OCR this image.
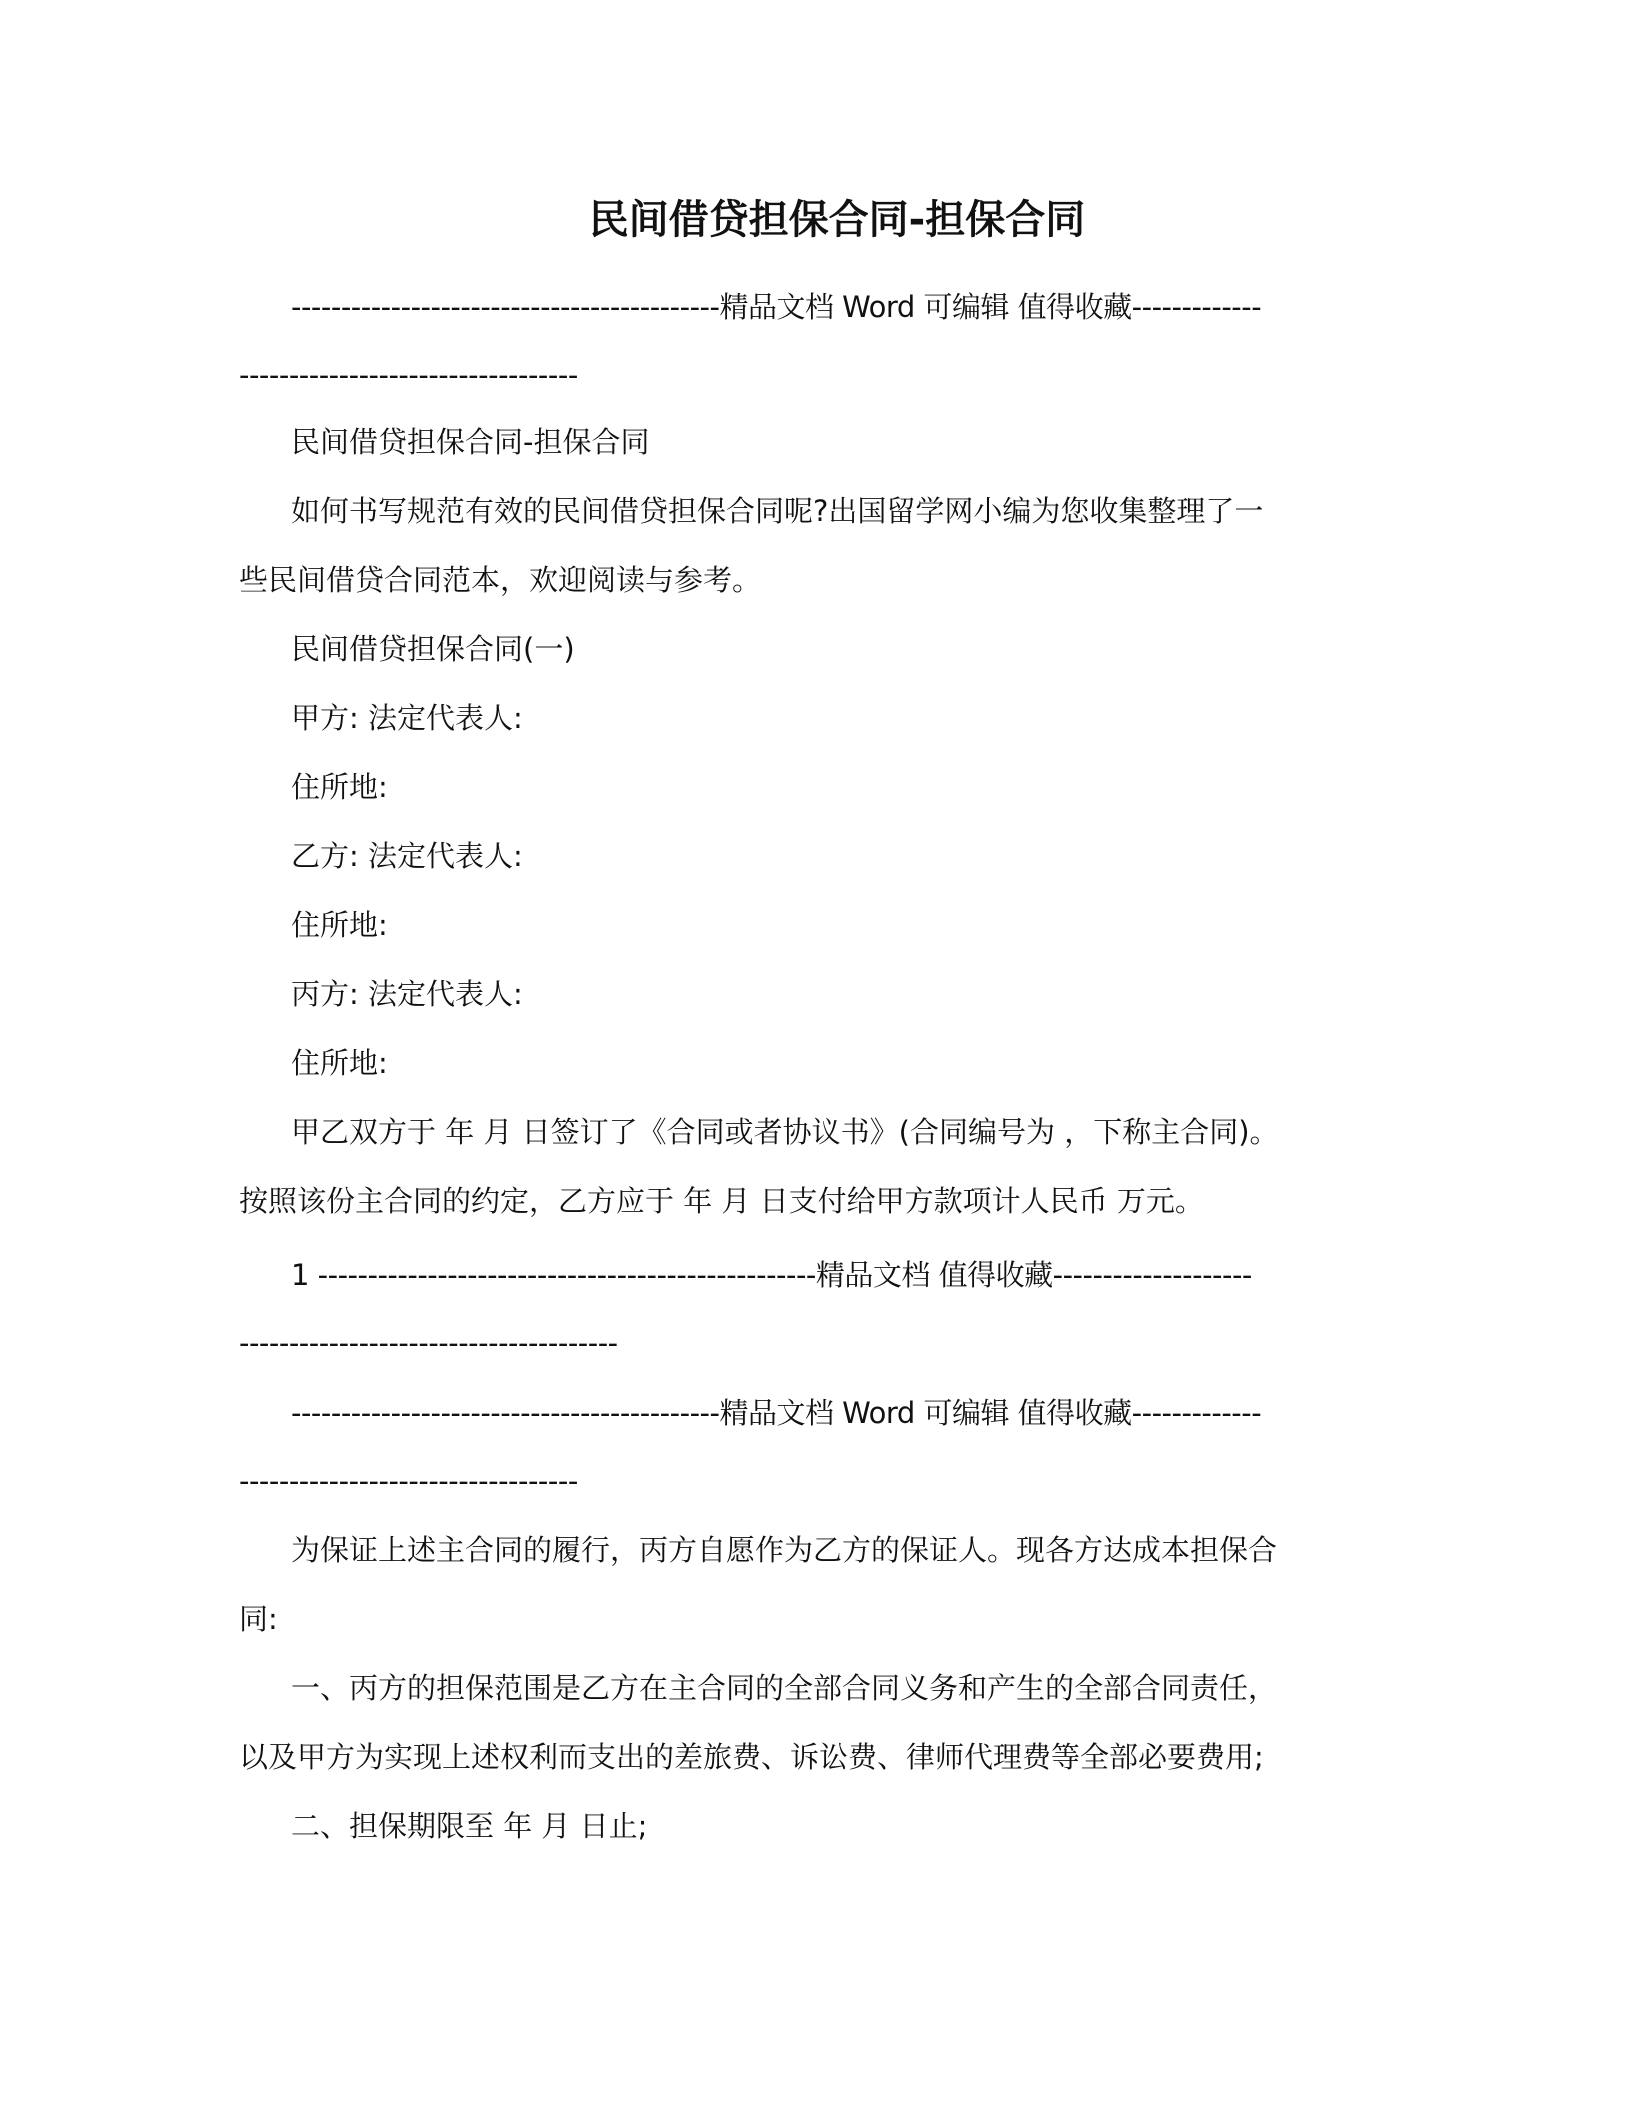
民间借贷担保合同-担保合同
-------------------------------------------精品文档 Word 可编辑 值得收藏-------------
----------------------------------
民间借贷担保合同-担保合同
如何书写规范有效的民间借贷担保合同呢?出国留学网小编为您收集整理了一
些民间借贷合同范本，欢迎阅读与参考。
民间借贷担保合同(一)
甲方: 法定代表人:
住所地:
乙方: 法定代表人:
住所地:
丙方: 法定代表人:
住所地:
甲乙双方于 年 月 日签订了《合同或者协议书》(合同编号为 ，下称主合同)。
按照该份主合同的约定，乙方应于 年 月 日支付给甲方款项计人民币 万元。
1 --------------------------------------------------精品文档 值得收藏--------------------
--------------------------------------
-------------------------------------------精品文档 Word 可编辑 值得收藏-------------
----------------------------------
为保证上述主合同的履行，丙方自愿作为乙方的保证人。现各方达成本担保合
同:
一、丙方的担保范围是乙方在主合同的全部合同义务和产生的全部合同责任，
以及甲方为实现上述权利而支出的差旅费、诉讼费、律师代理费等全部必要费用;
二、担保期限至 年 月 日止;
